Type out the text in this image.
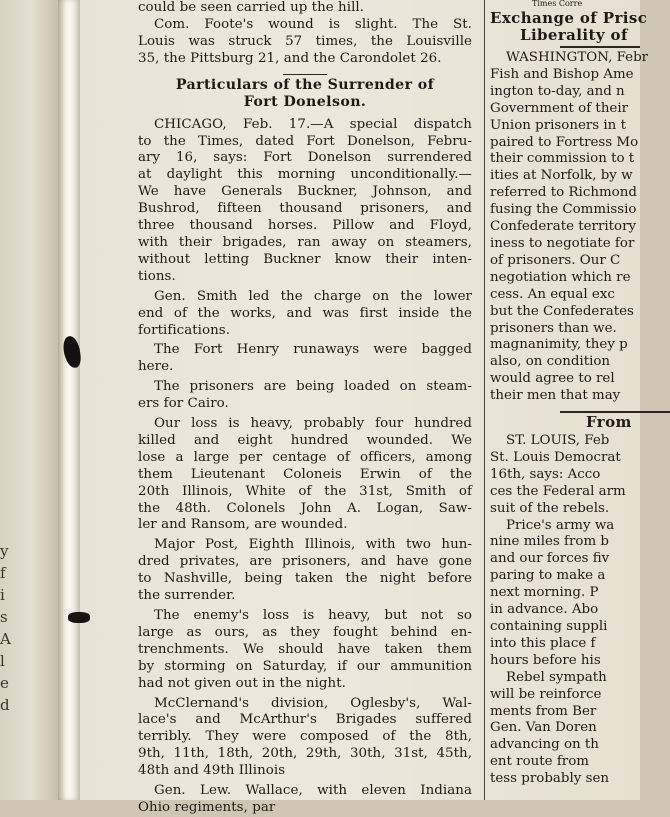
y
f
i
s
A
l
e
d
could be seen carried up the hill.
Com. Foote's wound is slight. The St.
Louis was struck 57 times, the Louisville
35, the Pittsburg 21, and the Carondolet 26.
Particulars of the Surrender of
Fort Donelson.
CHICAGO, Feb. 17.—A special dispatch
to the Times, dated Fort Donelson, Febru-
ary 16, says: Fort Donelson surrendered
at daylight this morning unconditionally.—
We have Generals Buckner, Johnson, and
Bushrod, fifteen thousand prisoners, and
three thousand horses. Pillow and Floyd,
with their brigades, ran away on steamers,
without letting Buckner know their inten-
tions.
Gen. Smith led the charge on the lower
end of the works, and was first inside the
fortifications.
The Fort Henry runaways were bagged
here.
The prisoners are being loaded on steam-
ers for Cairo.
Our loss is heavy, probably four hundred
killed and eight hundred wounded. We
lose a large per centage of officers, among
them Lieutenant Coloneis Erwin of the
20th Illinois, White of the 31st, Smith of
the 48th. Colonels John A. Logan, Saw-
ler and Ransom, are wounded.
Major Post, Eighth Illinois, with two hun-
dred privates, are prisoners, and have gone
to Nashville, being taken the night before
the surrender.
The enemy's loss is heavy, but not so
large as ours, as they fought behind en-
trenchments. We should have taken them
by storming on Saturday, if our ammunition
had not given out in the night.
McClernand's division, Oglesby's, Wal-
lace's and McArthur's Brigades suffered
terribly. They were composed of the 8th,
9th, 11th, 18th, 20th, 29th, 30th, 31st, 45th,
48th and 49th Illinois
Gen. Lew. Wallace, with eleven Indiana
Ohio regiments, par
Times Corre
Exchange of Prisc
Liberality of
WASHINGTON, Febr
Fish and Bishop Ame
ington to-day, and n
Government of their
Union prisoners in t
paired to Fortress Mo
their commission to t
ities at Norfolk, by w
referred to Richmond
fusing the Commissio
Confederate territory
iness to negotiate for
of prisoners. Our C
negotiation which re
cess. An equal exc
but the Confederates
prisoners than we.
magnanimity, they p
also, on condition
would agree to rel
their men that may
From
ST. LOUIS, Feb
St. Louis Democrat
16th, says: Acco
ces the Federal arm
suit of the rebels.
Price's army wa
nine miles from b
and our forces fiv
paring to make a
next morning. P
in advance. Abo
containing suppli
into this place f
hours before his
Rebel sympath
will be reinforce
ments from Ber
Gen. Van Doren
advancing on th
ent route from
tess probably sen
